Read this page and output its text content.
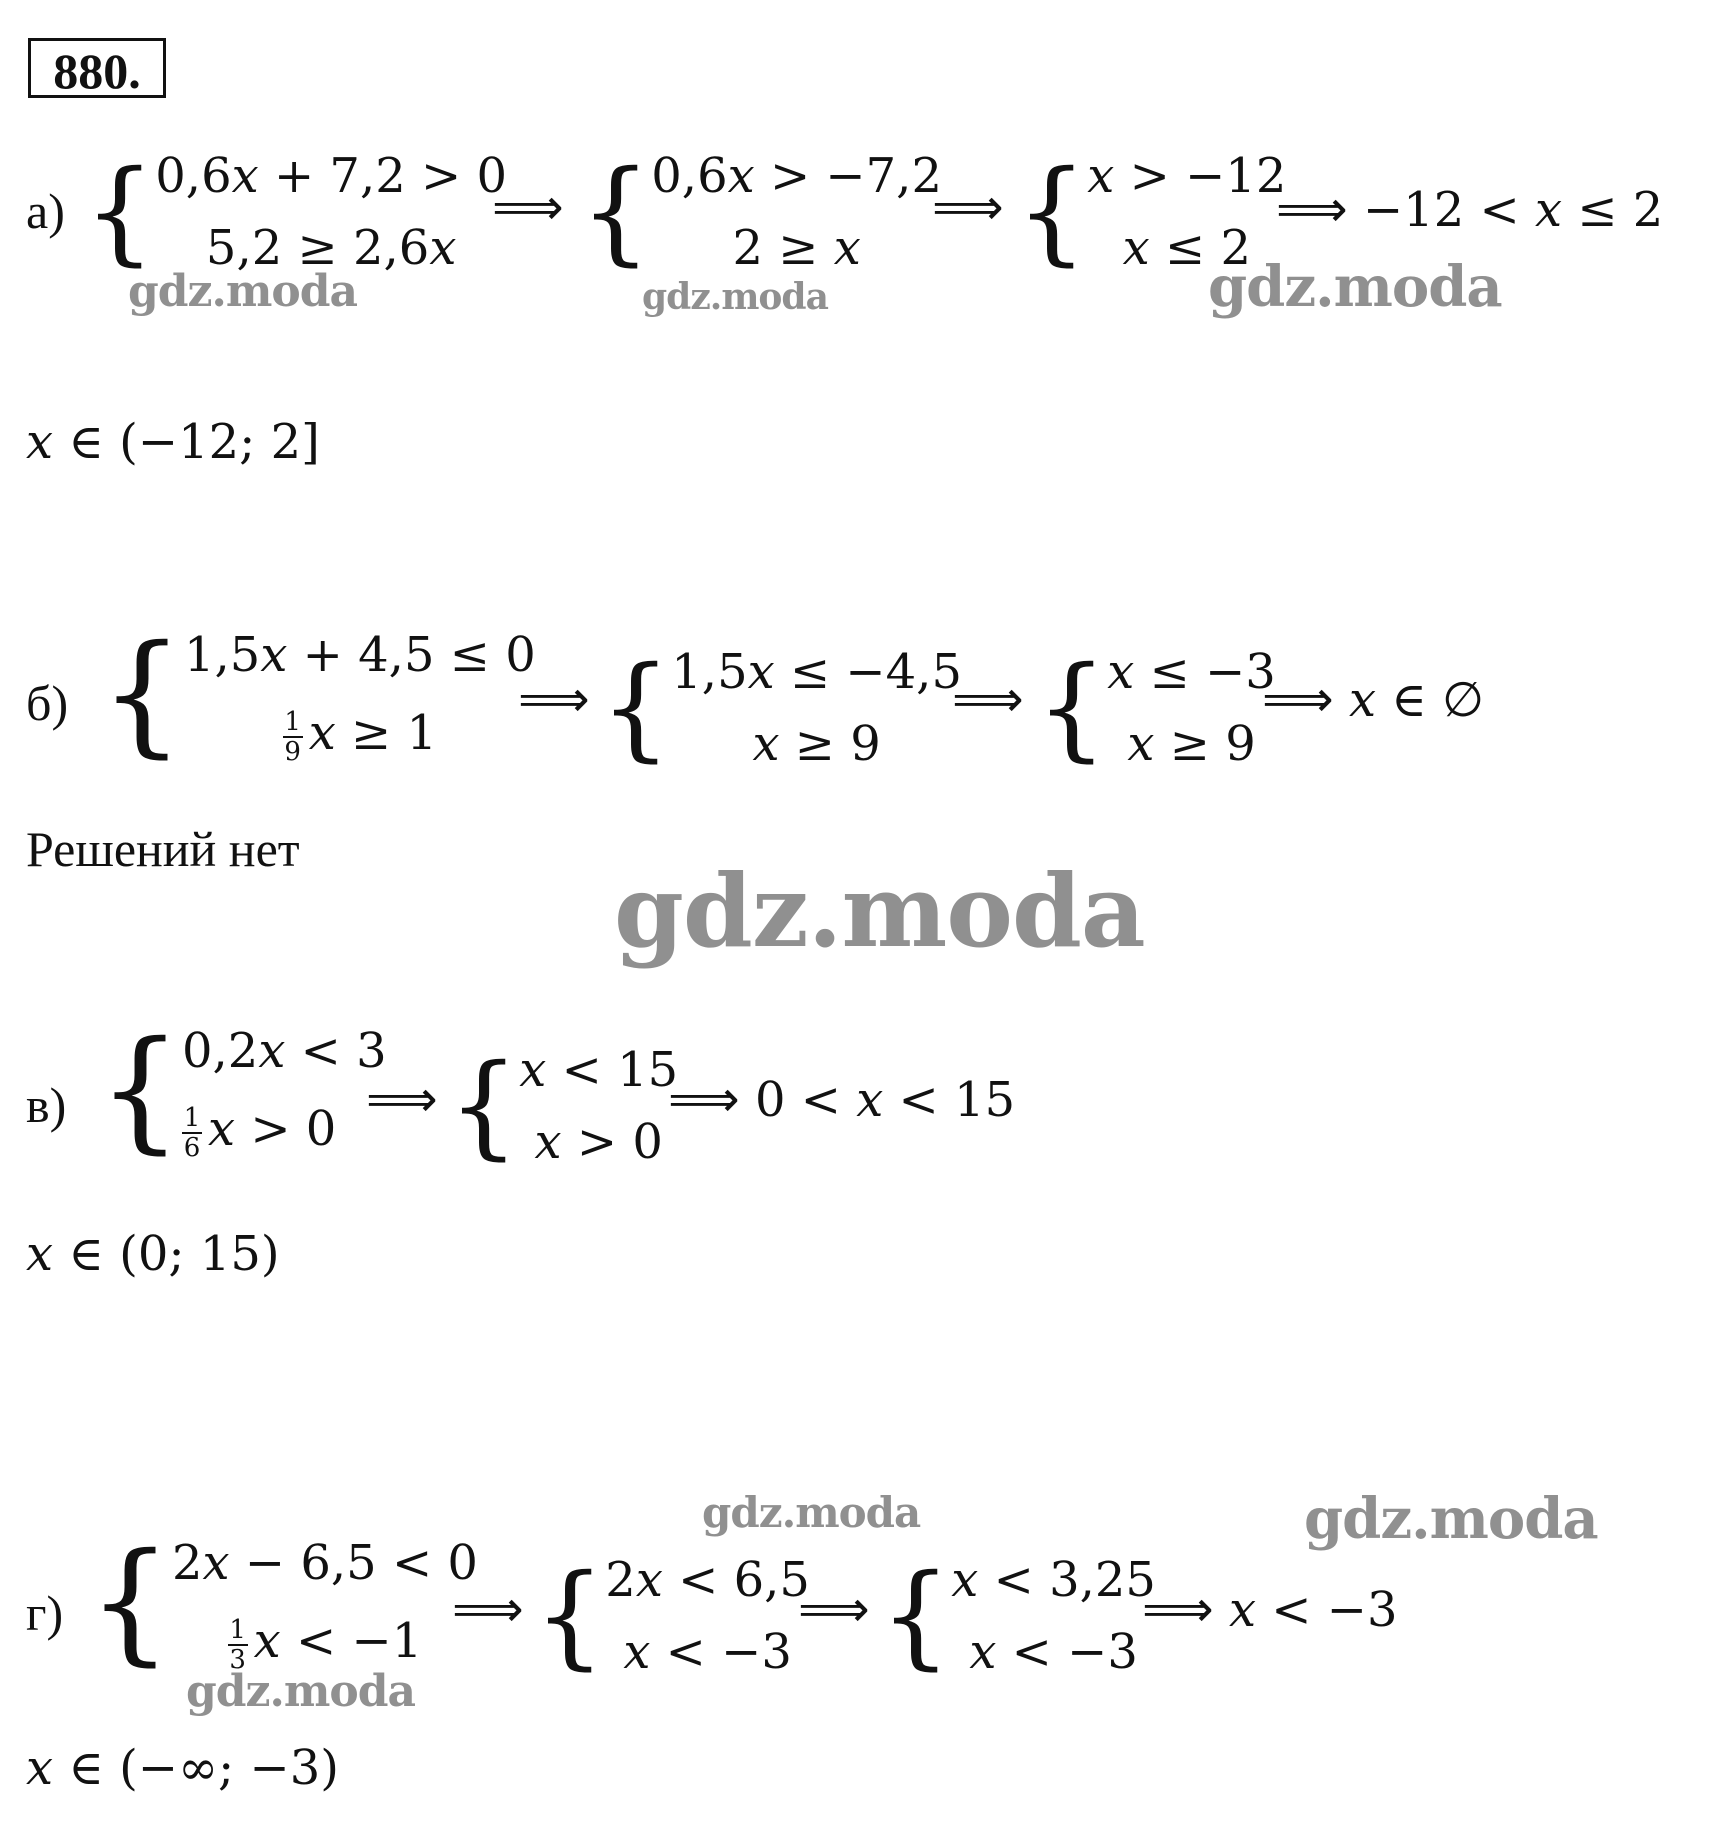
880.
а) { 0,6x + 7,2 > 0
5,2 ≥ 2,6x
⟹ { 0,6x > −7,2
2 ≥ x
⟹ { x > −12
x ≤ 2
⟹ −12 < x ≤ 2
x ∈ (−12; 2]
б) { 1,5x + 4,5 ≤ 0
$\frac{1}{9}$ x ≥ 1
⟹ { 1,5x ≤ −4,5
x ≥ 9
⟹ { x ≤ −3
x ≥ 9
⟹ x ∈ ∅
Решений нет
в) { 0,2x < 3
$\frac{1}{6}$ x > 0
⟹ { x < 15
x > 0
⟹ 0 < x < 15
x ∈ (0; 15)
г) { 2x − 6,5 < 0
$\frac{1}{3}$ x < −1
⟹ { 2x < 6,5
x < −3
⟹ { x < 3,25
x < −3
⟹ x < −3
x ∈ (−∞; −3)
gdz.moda	gdz.moda	gdz.moda
gdz.moda
gdz.moda	gdz.moda
gdz.moda
